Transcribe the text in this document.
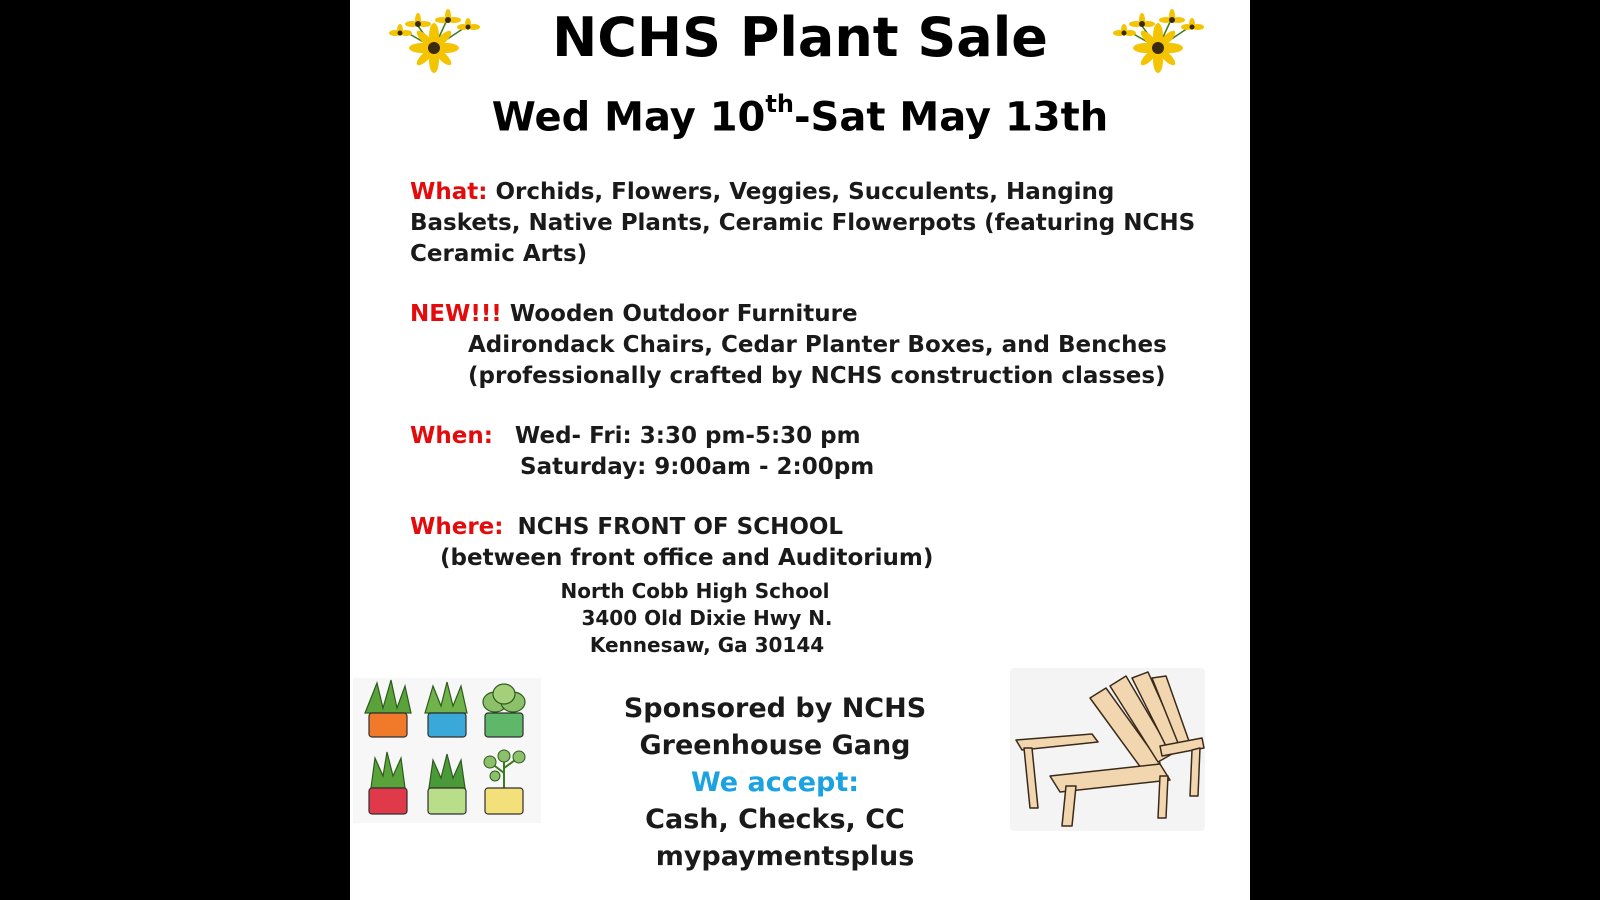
NCHS Plant Sale
Wed May 10th-Sat May 13th
What: Orchids, Flowers, Veggies, Succulents, Hanging
Baskets, Native Plants, Ceramic Flowerpots (featuring NCHS
Ceramic Arts)
NEW!!! Wooden Outdoor Furniture
Adirondack Chairs, Cedar Planter Boxes, and Benches
(professionally crafted by NCHS construction classes)
When: Wed- Fri: 3:30 pm-5:30 pm
Saturday: 9:00am - 2:00pm
Where: NCHS FRONT OF SCHOOL
(between front office and Auditorium)
North Cobb High School
3400 Old Dixie Hwy N.
Kennesaw, Ga 30144
Sponsored by NCHS
Greenhouse Gang
We accept:
Cash, Checks, CC
mypaymentsplus
